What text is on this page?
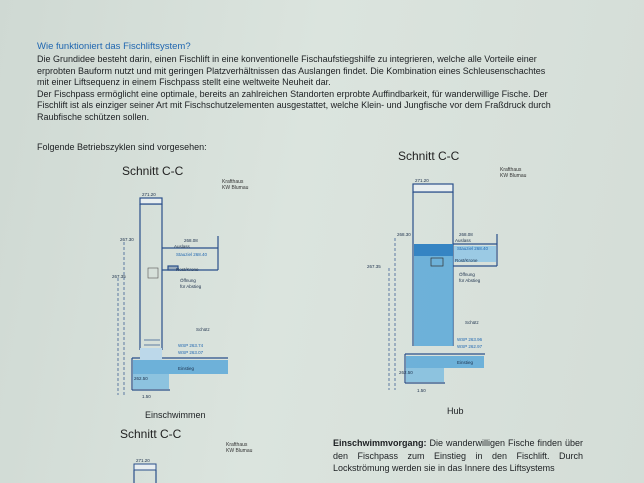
Wie funktioniert das Fischliftsystem?

Die Grundidee besteht darin, einen Fischlift in eine konventionelle Fischaufstiegshilfe zu integrieren, welche alle Vorteile einer
erprobten Bauform nutzt und mit geringen Platzverhältnissen das Auslangen findet. Die Kombination eines Schleusenschachtes
mit einer Liftsequenz in einem Fischpass stellt eine weltweite Neuheit dar.
Der Fischpass ermöglicht eine optimale, bereits an zahlreichen Standorten erprobte Auffindbarkeit, für wanderwillige Fische. Der
Fischlift ist als einziger seiner Art mit Fischschutzelementen ausgestattet, welche Klein- und Jungfische vor dem Fraßdruck durch
Raubfische schützen sollen.

Folgende Betriebszyklen sind vorgesehen:
Schnitt C-C
Krafthaus
KW Blumau
271.20
267.30	268.08
267.35
Auslass
Stauziel 268.40
Rost/Krone
Öffnung
für Abstieg
Schütz
WSP 263.74
WSP 263.07
Einstieg
262.50
1.50
Einschwimmen
Schnitt C-C
Krafthaus
KW Blumau
271.20
268.08
268.30
267.35
Auslass
Stauziel 268.40
Rost/Krone
Öffnung
für Abstieg
Schütz
WSP 263.96
WSP 262.97
Einstieg
262.50
1.50
Hub
Schnitt C-C
Krafthaus
KW Blumau
271.20
Einschwimmvorgang: Die wanderwilligen Fische finden über den Fischpass zum Einstieg in den Fischlift. Durch Lockströmung werden sie in das Innere des Liftsystems
